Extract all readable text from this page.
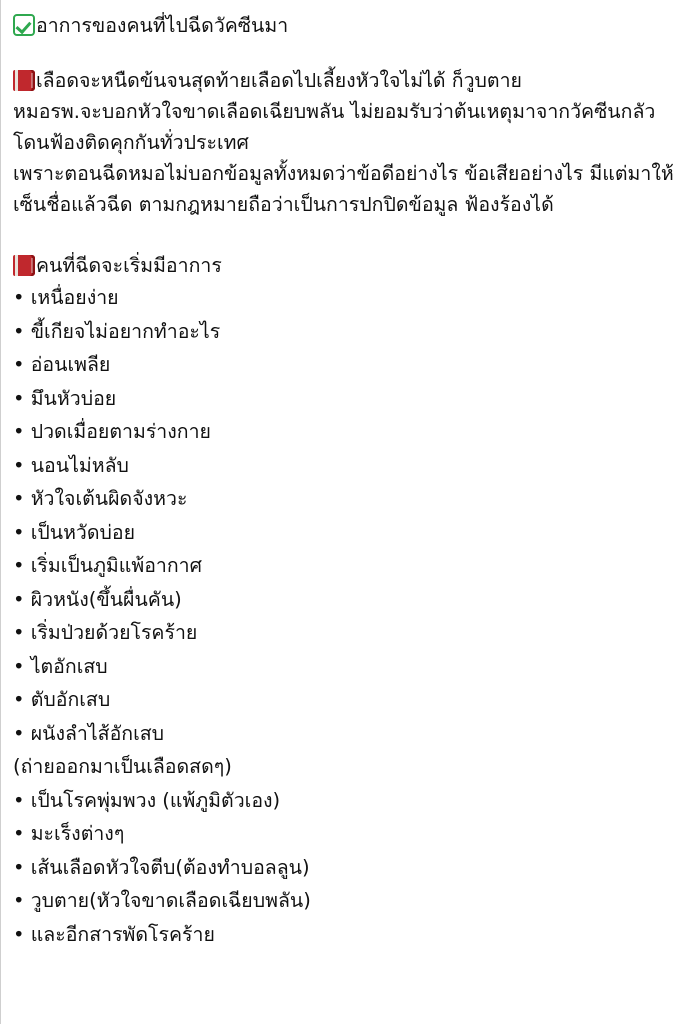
อาการของคนที่ไปฉีดวัคซีนมา
เลือดจะหนืดข้นจนสุดท้ายเลือดไปเลี้ยงหัวใจไม่ได้ ก็วูบตาย
หมอรพ.จะบอกหัวใจขาดเลือดเฉียบพลัน ไม่ยอมรับว่าต้นเหตุมาจากวัคซีนกลัวโดนฟ้องติดคุกกันทั่วประเทศ
เพราะตอนฉีดหมอไม่บอกข้อมูลทั้งหมดว่าข้อดีอย่างไร ข้อเสียอย่างไร มีแต่มาให้เซ็นชื่อแล้วฉีด ตามกฎหมายถือว่าเป็นการปกปิดข้อมูล ฟ้องร้องได้
คนที่ฉีดจะเริ่มมีอาการ
• เหนื่อยง่าย
• ขี้เกียจไม่อยากทำอะไร
• อ่อนเพลีย
• มึนหัวบ่อย
• ปวดเมื่อยตามร่างกาย
• นอนไม่หลับ
• หัวใจเต้นผิดจังหวะ
• เป็นหวัดบ่อย
• เริ่มเป็นภูมิแพ้อากาศ
• ผิวหนัง(ขึ้นผื่นคัน)
• เริ่มป่วยด้วยโรคร้าย
• ไตอักเสบ
• ตับอักเสบ
• ผนังลำไส้อักเสบ
(ถ่ายออกมาเป็นเลือดสดๆ)
• เป็นโรคพุ่มพวง (แพ้ภูมิตัวเอง)
• มะเร็งต่างๆ
• เส้นเลือดหัวใจตีบ(ต้องทำบอลลูน)
• วูบตาย(หัวใจขาดเลือดเฉียบพลัน)
• และอีกสารพัดโรคร้าย
